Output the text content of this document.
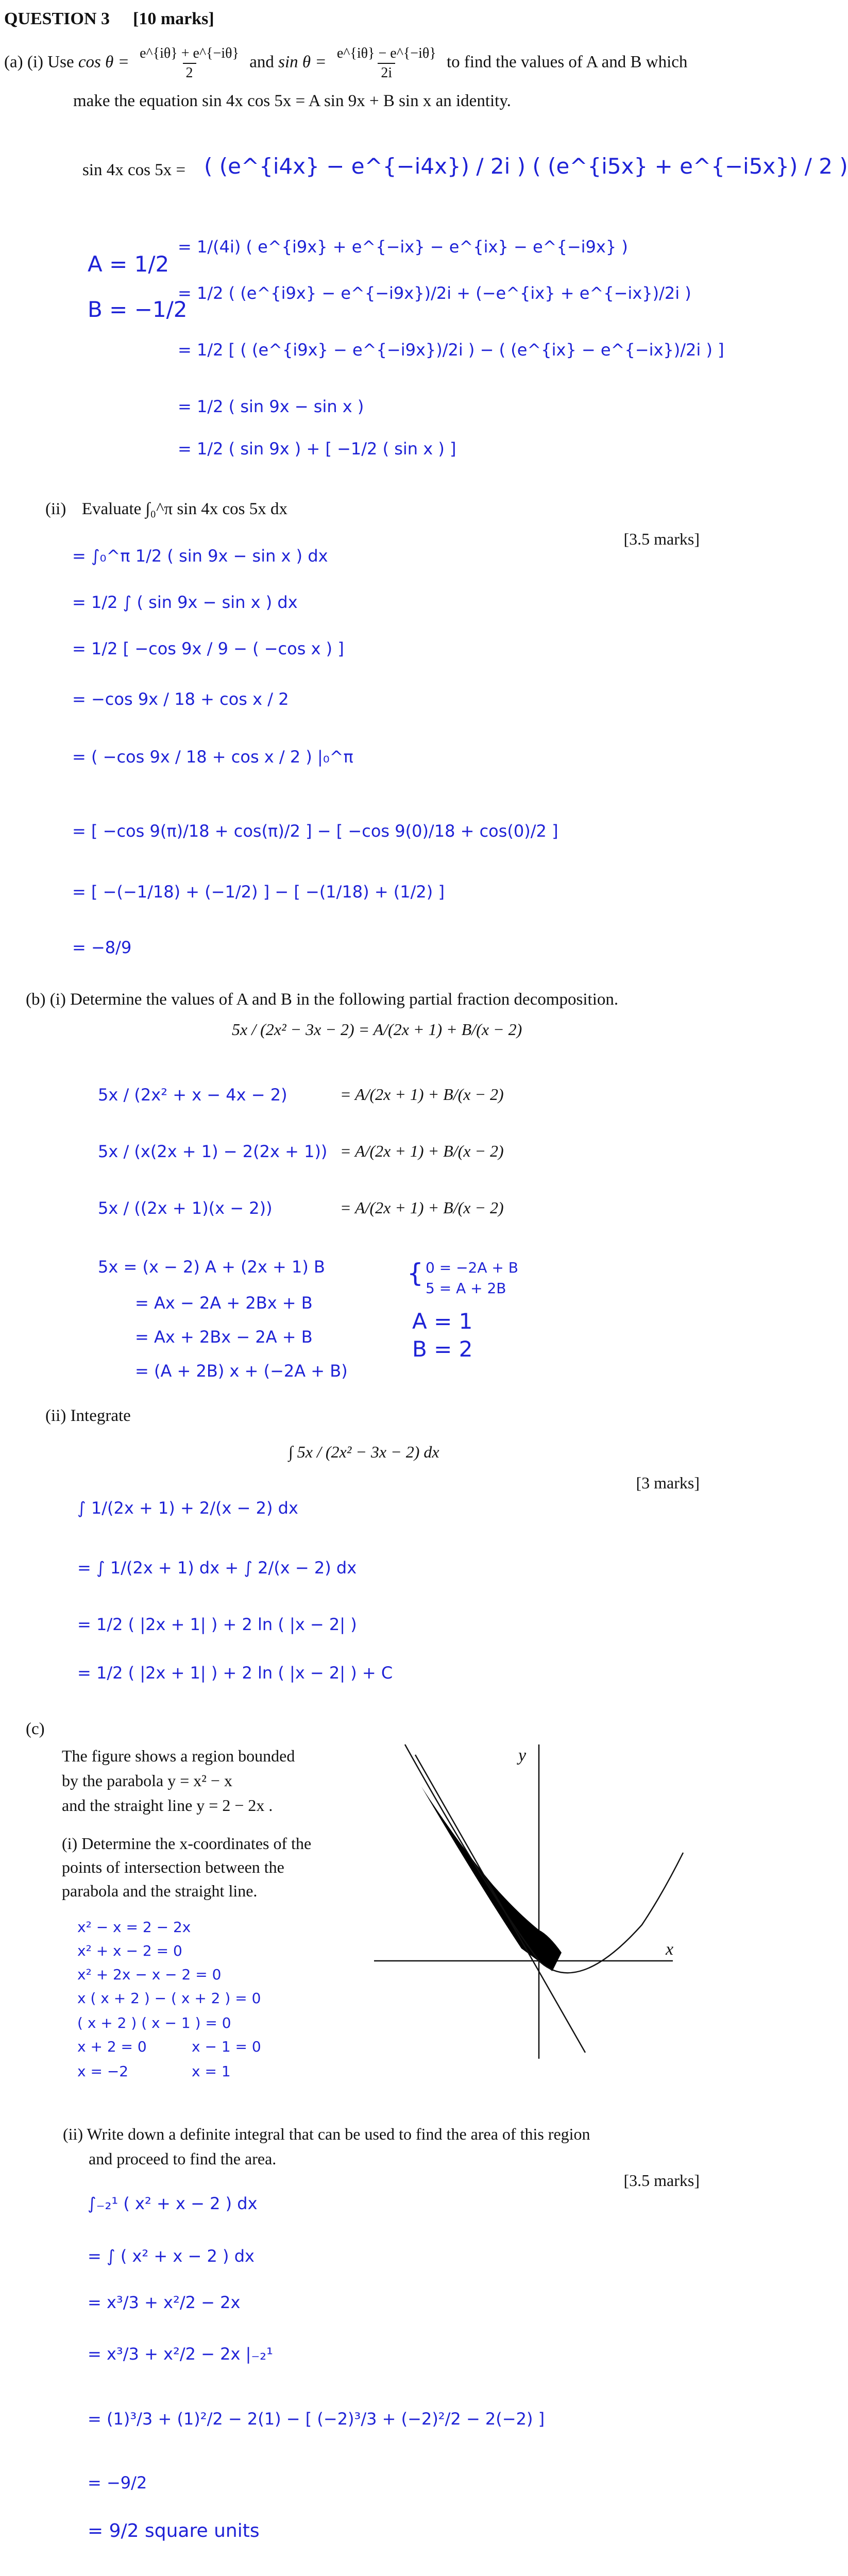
QUESTION 3 [10 marks]
(a) (i) Use $\cos \theta = \frac{e\^{}\{i\theta\} + e\^{}\{-i\theta\}}{2}$ and $\sin \theta = \frac{e\^{}\{i\theta\} - e\^{}\{-i\theta\}}{2i}$ to find the values of A and B which
make the equation sin 4x cos 5x = A sin 9x + B sin x an identity.
sin 4x cos 5x = ( (e^{i4x} − e^{−i4x}) / 2i ) ( (e^{i5x} + e^{−i5x}) / 2 )
A = 1/2
B = −1/2
= 1/(4i) ( e^{i9x} + e^{−ix} − e^{ix} − e^{−i9x} )
= 1/2 ( (e^{i9x} − e^{−i9x})/2i + (−e^{ix} + e^{−ix})/2i )
= 1/2 [ ( (e^{i9x} − e^{−i9x})/2i ) − ( (e^{ix} − e^{−ix})/2i ) ]
= 1/2 ( sin 9x − sin x )
= 1/2 ( sin 9x ) + [ −1/2 ( sin x ) ]
(ii) Evaluate ∫₀^π sin 4x cos 5x dx
[3.5 marks]
= ∫₀^π 1/2 ( sin 9x − sin x ) dx
= 1/2 ∫ ( sin 9x − sin x ) dx
= 1/2 [ −cos 9x / 9 − ( −cos x ) ]
= −cos 9x / 18 + cos x / 2
= ( −cos 9x / 18 + cos x / 2 ) |₀^π
= [ −cos 9(π)/18 + cos(π)/2 ] − [ −cos 9(0)/18 + cos(0)/2 ]
= [ −(−1/18) + (−1/2) ] − [ −(1/18) + (1/2) ]
= −8/9
(b) (i) Determine the values of A and B in the following partial fraction decomposition.
5x / (2x² − 3x − 2) = A/(2x + 1) + B/(x − 2)
5x / (2x² + x − 4x − 2)
5x / (x(2x + 1) − 2(2x + 1))
5x / ((2x + 1)(x − 2))
= A/(2x + 1) + B/(x − 2)
= A/(2x + 1) + B/(x − 2)
= A/(2x + 1) + B/(x − 2)
5x = (x − 2) A + (2x + 1) B
= Ax − 2A + 2Bx + B
= Ax + 2Bx − 2A + B
= (A + 2B) x + (−2A + B)
{ 0 = −2A + B
5 = A + 2B
A = 1
B = 2
(ii) Integrate
∫ 5x / (2x² − 3x − 2) dx
[3 marks]
∫ 1/(2x + 1) + 2/(x − 2) dx
= ∫ 1/(2x + 1) dx + ∫ 2/(x − 2) dx
= 1/2 ( |2x + 1| ) + 2 ln ( |x − 2| )
= 1/2 ( |2x + 1| ) + 2 ln ( |x − 2| ) + C
(c)
The figure shows a region bounded
by the parabola y = x² − x
and the straight line y = 2 − 2x .
(i) Determine the x-coordinates of the
points of intersection between the
parabola and the straight line.
y
x
x² − x = 2 − 2x
x² + x − 2 = 0
x² + 2x − x − 2 = 0
x ( x + 2 ) − ( x + 2 ) = 0
( x + 2 ) ( x − 1 ) = 0
x + 2 = 0
x = −2
x − 1 = 0
x = 1
(ii) Write down a definite integral that can be used to find the area of this region
and proceed to find the area.
[3.5 marks]
∫₋₂¹ ( x² + x − 2 ) dx
= ∫ ( x² + x − 2 ) dx
= x³/3 + x²/2 − 2x
= x³/3 + x²/2 − 2x |₋₂¹
= (1)³/3 + (1)²/2 − 2(1) − [ (−2)³/3 + (−2)²/2 − 2(−2) ]
= −9/2
= 9/2 square units
